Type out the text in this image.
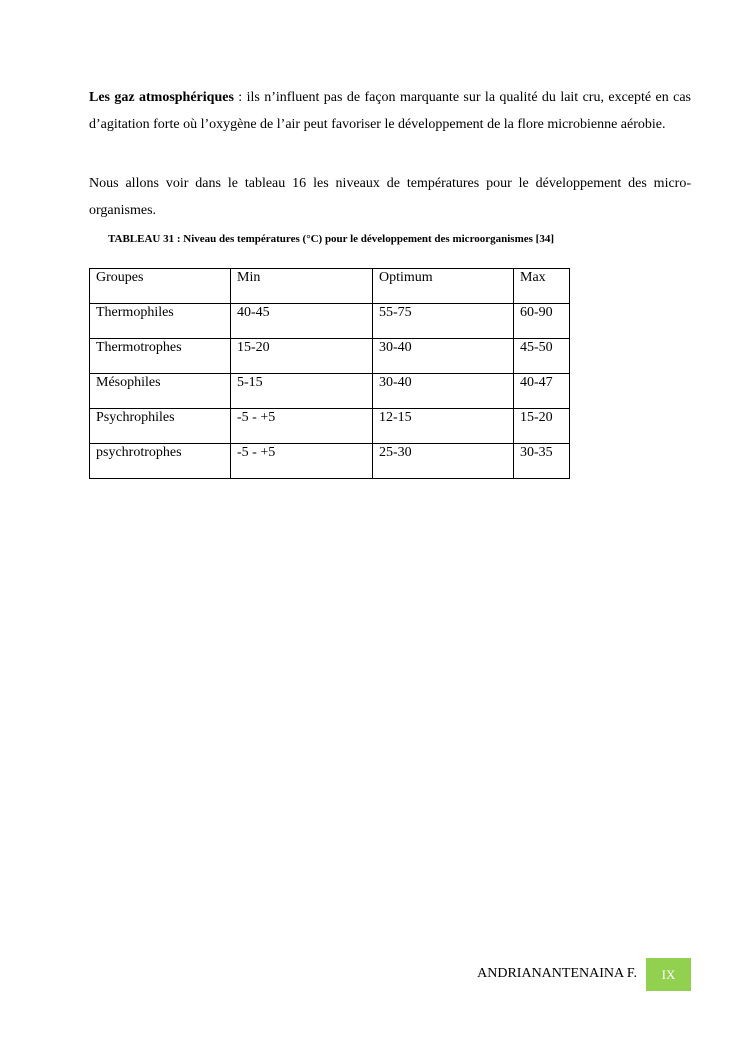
Les gaz atmosphériques : ils n’influent pas de façon marquante sur la qualité du lait cru, excepté en cas d’agitation forte où l’oxygène de l’air peut favoriser le développement de la flore microbienne aérobie.

Nous allons voir dans le tableau 16 les niveaux de températures pour le développement des micro-organismes.

TABLEAU 31 : Niveau des températures (°C) pour le développement des microorganismes [34]
Groupes	Min	Optimum	Max
Thermophiles	40-45	55-75	60-90
Thermotrophes	15-20	30-40	45-50
Mésophiles	5-15	30-40	40-47
Psychrophiles	-5 - +5	12-15	15-20
psychrotrophes	-5 - +5	25-30	30-35
ANDRIANANTENAINA F.	IX
